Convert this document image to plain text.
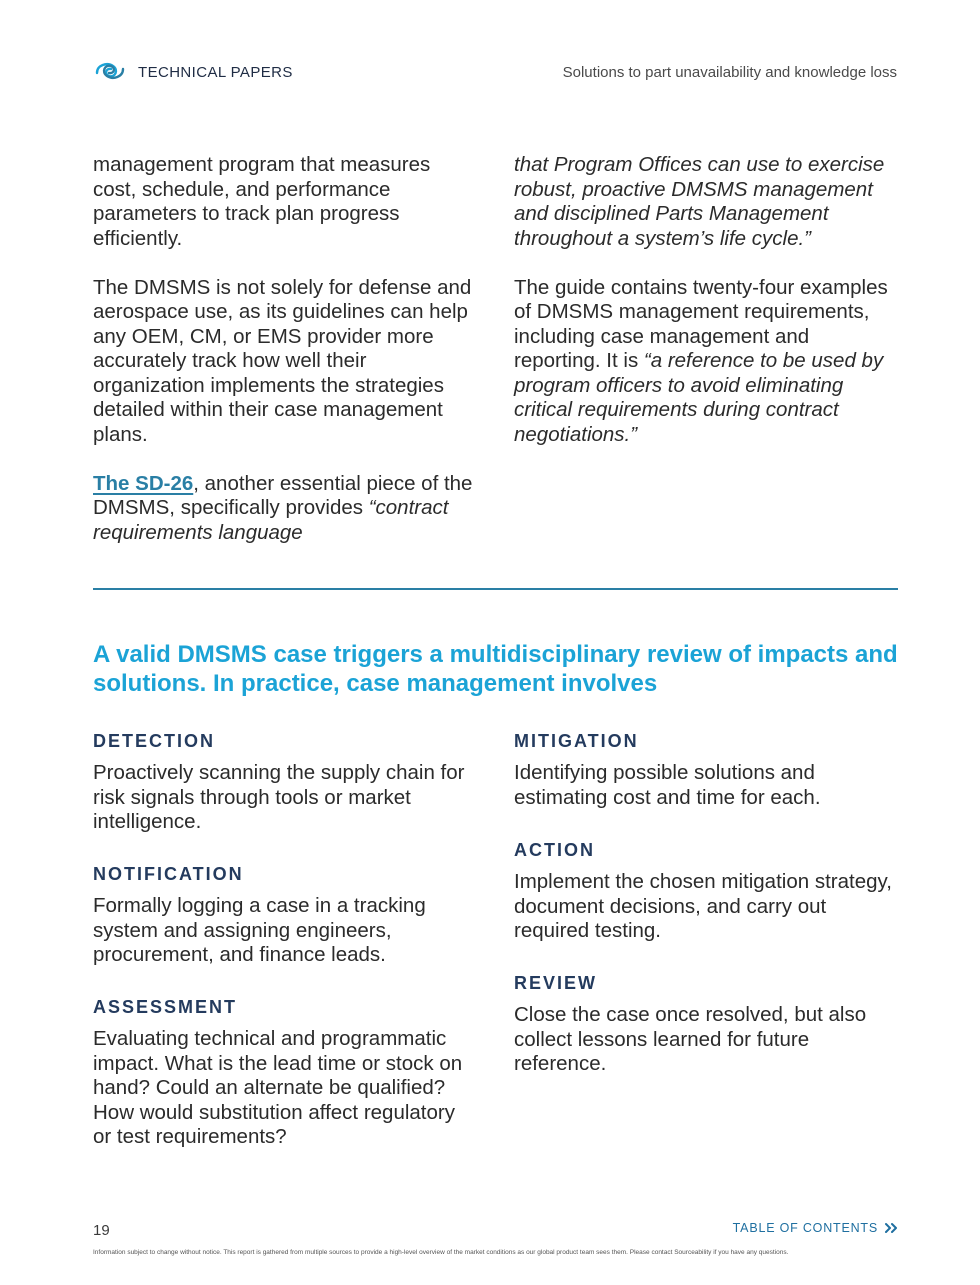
TECHNICAL PAPERS	Solutions to part unavailability and knowledge loss

management program that measures cost, schedule, and performance parameters to track plan progress efficiently.

The DMSMS is not solely for defense and aerospace use, as its guidelines can help any OEM, CM, or EMS provider more accurately track how well their organization implements the strategies detailed within their case management plans.

The SD-26, another essential piece of the DMSMS, specifically provides “contract requirements language

that Program Offices can use to exercise robust, proactive DMSMS management and disciplined Parts Management throughout a system’s life cycle.”

The guide contains twenty-four examples of DMSMS management requirements, including case management and reporting. It is “a reference to be used by program officers to avoid eliminating critical requirements during contract negotiations.”

A valid DMSMS case triggers a multidisciplinary review of impacts and solutions. In practice, case management involves
DETECTION

Proactively scanning the supply chain for risk signals through tools or market intelligence.

NOTIFICATION

Formally logging a case in a tracking system and assigning engineers, procurement, and finance leads.

ASSESSMENT

Evaluating technical and programmatic impact. What is the lead time or stock on hand? Could an alternate be qualified? How would substitution affect regulatory or test requirements?

MITIGATION

Identifying possible solutions and estimating cost and time for each.

ACTION

Implement the chosen mitigation strategy, document decisions, and carry out required testing.

REVIEW

Close the case once resolved, but also collect lessons learned for future reference.

19	TABLE OF CONTENTS
Information subject to change without notice. This report is gathered from multiple sources to provide a high-level overview of the market conditions as our global product team sees them. Please contact Sourceability if you have any questions.
